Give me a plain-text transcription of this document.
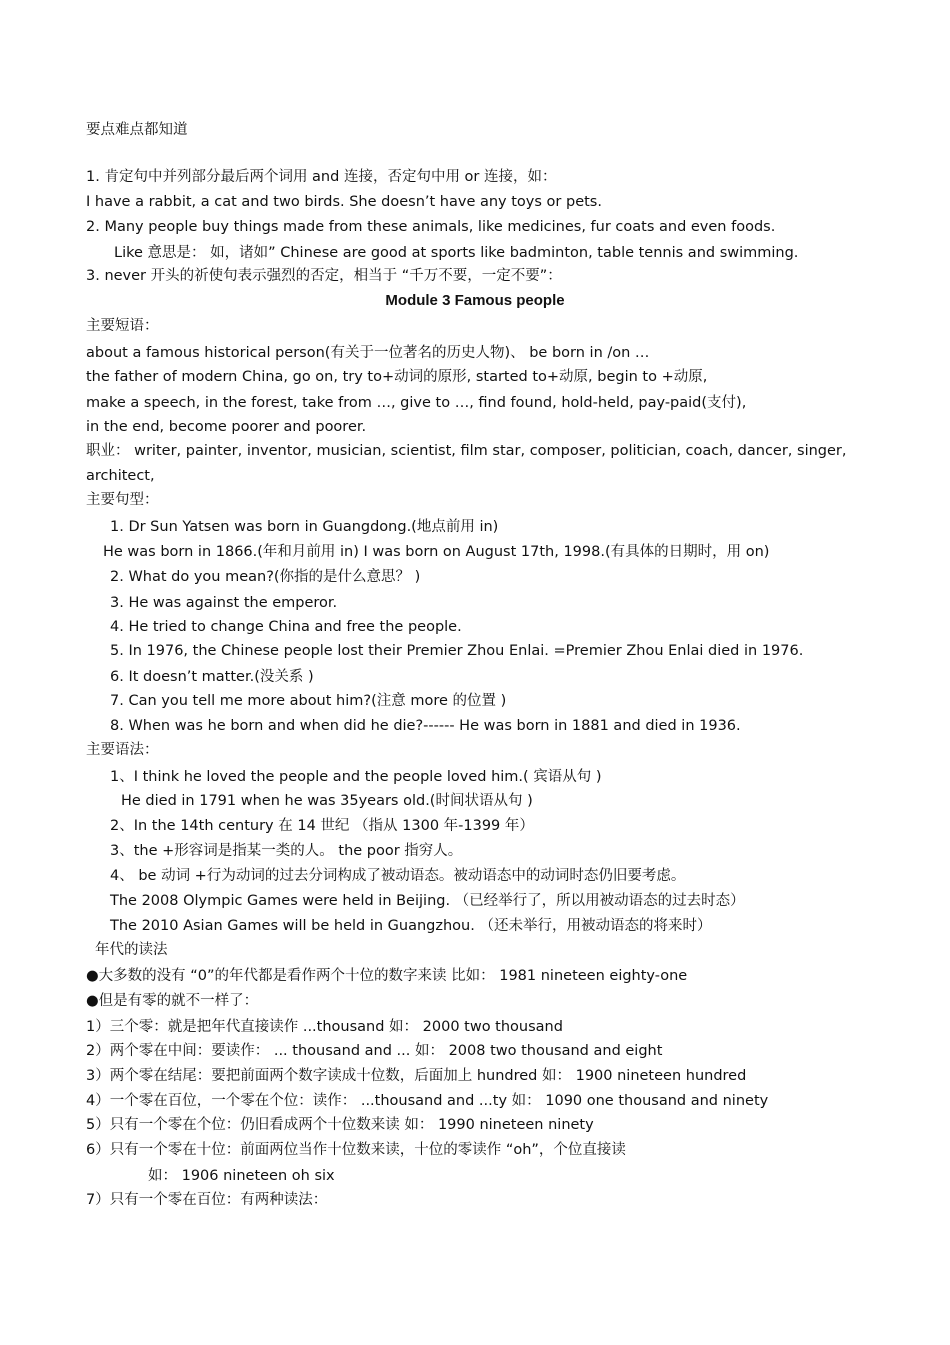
要点难点都知道
1. 肯定句中并列部分最后两个词用 and 连接，否定句中用 or 连接，如：
I have a rabbit, a cat and two birds. She doesn’t have any toys or pets.
2. Many people buy things made from these animals, like medicines, fur coats and even foods.
Like 意思是： 如，诸如” Chinese are good at sports like badminton, table tennis and swimming.
3. never 开头的祈使句表示强烈的否定，相当于 “千万不要，一定不要”：
Module 3 Famous people
主要短语：
about a famous historical person(有关于一位著名的历史人物)、 be born in /on …
the father of modern China, go on, try to+动词的原形, started to+动原, begin to +动原,
make a speech, in the forest, take from …, give to …, find found, hold-held, pay-paid(支付),
in the end, become poorer and poorer.
职业： writer, painter, inventor, musician, scientist, film star, composer, politician, coach, dancer, singer,
architect,
主要句型：
1. Dr Sun Yatsen was born in Guangdong.(地点前用 in)
He was born in 1866.(年和月前用 in) I was born on August 17th, 1998.(有具体的日期时，用 on)
2. What do you mean?(你指的是什么意思？ )
3. He was against the emperor.
4. He tried to change China and free the people.
5. In 1976, the Chinese people lost their Premier Zhou Enlai. =Premier Zhou Enlai died in 1976.
6. It doesn’t matter.(没关系 )
7. Can you tell me more about him?(注意 more 的位置 )
8. When was he born and when did he die?------ He was born in 1881 and died in 1936.
主要语法：
1、I think he loved the people and the people loved him.( 宾语从句 )
He died in 1791 when he was 35years old.(时间状语从句 )
2、In the 14th century 在 14 世纪 （指从 1300 年-1399 年）
3、the +形容词是指某一类的人。 the poor 指穷人。
4、 be 动词 +行为动词的过去分词构成了被动语态。被动语态中的动词时态仍旧要考虑。
The 2008 Olympic Games were held in Beijing. （已经举行了，所以用被动语态的过去时态）
The 2010 Asian Games will be held in Guangzhou. （还未举行，用被动语态的将来时）
年代的读法
●大多数的没有 “0”的年代都是看作两个十位的数字来读 比如： 1981 nineteen eighty-one
●但是有零的就不一样了：
1）三个零：就是把年代直接读作 ...thousand 如： 2000 two thousand
2）两个零在中间：要读作： ... thousand and ... 如： 2008 two thousand and eight
3）两个零在结尾：要把前面两个数字读成十位数，后面加上 hundred 如： 1900 nineteen hundred
4）一个零在百位，一个零在个位：读作： ...thousand and ...ty 如： 1090 one thousand and ninety
5）只有一个零在个位：仍旧看成两个十位数来读 如： 1990 nineteen ninety
6）只有一个零在十位：前面两位当作十位数来读，十位的零读作 “oh”，个位直接读
如： 1906 nineteen oh six
7）只有一个零在百位：有两种读法：
